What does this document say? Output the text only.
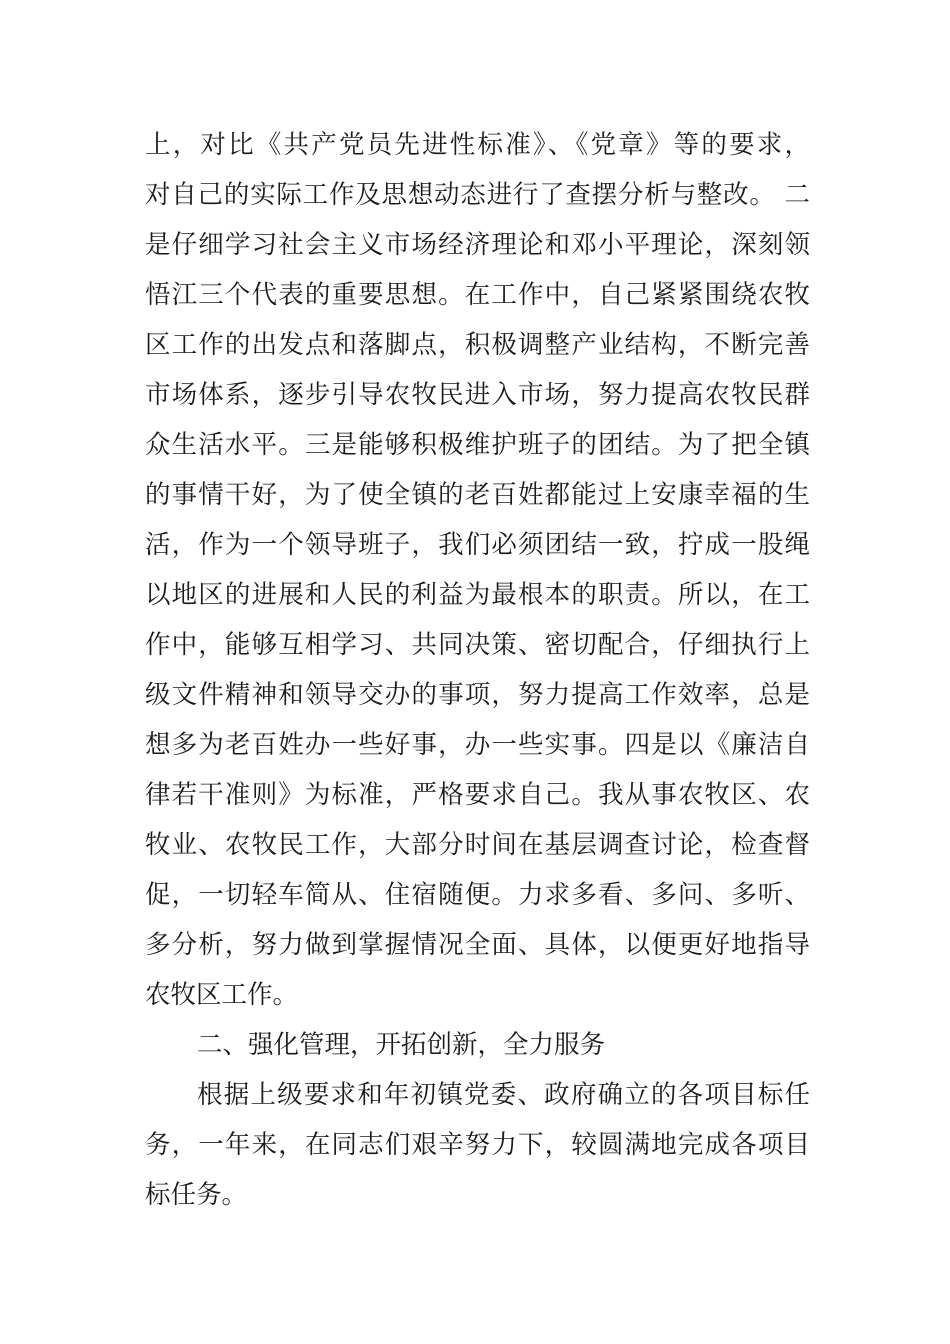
上，对比《共产党员先进性标准》、《党章》等的要求，
对自己的实际工作及思想动态进行了查摆分析与整改。 二
是仔细学习社会主义市场经济理论和邓小平理论，深刻领
悟江三个代表的重要思想。在工作中，自己紧紧围绕农牧
区工作的出发点和落脚点，积极调整产业结构，不断完善
市场体系，逐步引导农牧民进入市场，努力提高农牧民群
众生活水平。三是能够积极维护班子的团结。为了把全镇
的事情干好，为了使全镇的老百姓都能过上安康幸福的生
活，作为一个领导班子，我们必须团结一致，拧成一股绳
以地区的进展和人民的利益为最根本的职责。所以，在工
作中，能够互相学习、共同决策、密切配合，仔细执行上
级文件精神和领导交办的事项，努力提高工作效率，总是
想多为老百姓办一些好事，办一些实事。四是以《廉洁自
律若干准则》为标准，严格要求自己。我从事农牧区、农
牧业、农牧民工作，大部分时间在基层调查讨论，检查督
促，一切轻车简从、住宿随便。力求多看、多问、多听、
多分析，努力做到掌握情况全面、具体，以便更好地指导
农牧区工作。
二、强化管理，开拓创新，全力服务
根据上级要求和年初镇党委、政府确立的各项目标任
务，一年来，在同志们艰辛努力下，较圆满地完成各项目
标任务。
